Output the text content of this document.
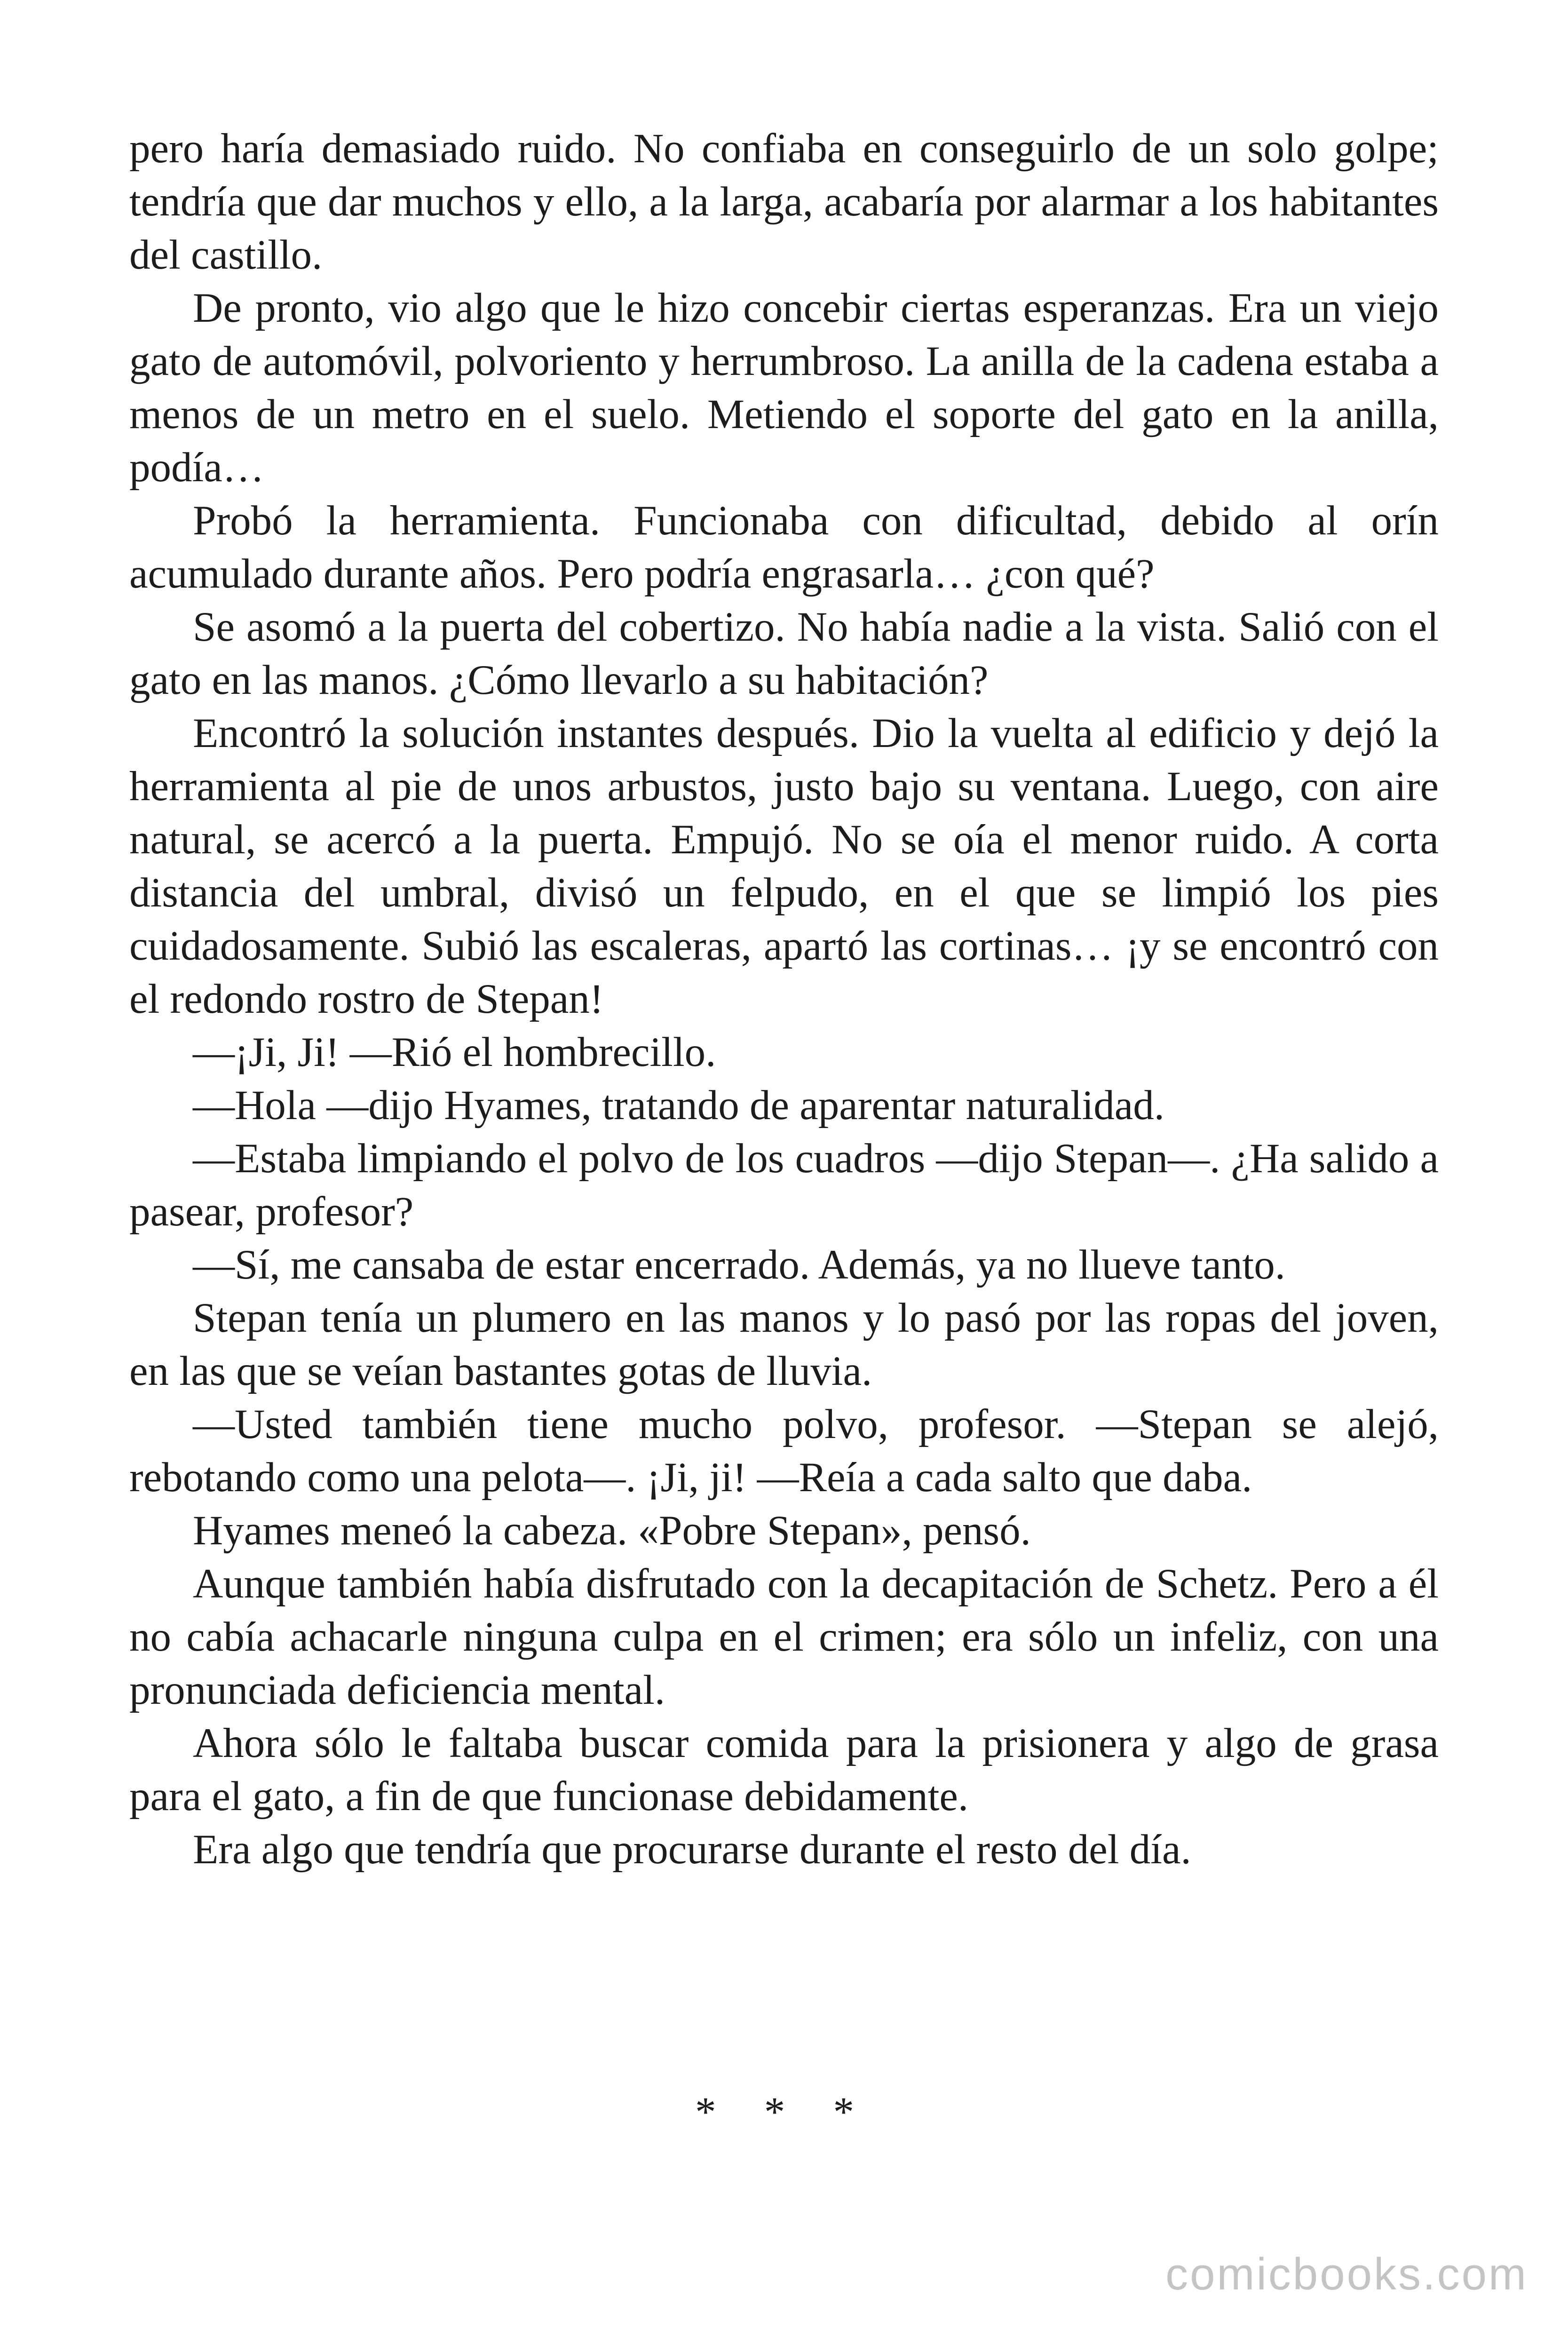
pero haría demasiado ruido. No confiaba en conseguirlo de un solo golpe; tendría que dar muchos y ello, a la larga, acabaría por alarmar a los habitantes del castillo.

De pronto, vio algo que le hizo concebir ciertas esperanzas. Era un viejo gato de automóvil, polvoriento y herrumbroso. La anilla de la cadena estaba a menos de un metro en el suelo. Metiendo el soporte del gato en la anilla, podía…

Probó la herramienta. Funcionaba con dificultad, debido al orín acumulado durante años. Pero podría engrasarla… ¿con qué?

Se asomó a la puerta del cobertizo. No había nadie a la vista. Salió con el gato en las manos. ¿Cómo llevarlo a su habitación?

Encontró la solución instantes después. Dio la vuelta al edificio y dejó la herramienta al pie de unos arbustos, justo bajo su ventana. Luego, con aire natural, se acercó a la puerta. Empujó. No se oía el menor ruido. A corta distancia del umbral, divisó un felpudo, en el que se limpió los pies cuidadosamente. Subió las escaleras, apartó las cortinas… ¡y se encontró con el redondo rostro de Stepan!

—¡Ji, Ji! —Rió el hombrecillo.

—Hola —dijo Hyames, tratando de aparentar naturalidad.

—Estaba limpiando el polvo de los cuadros —dijo Stepan—. ¿Ha salido a pasear, profesor?

—Sí, me cansaba de estar encerrado. Además, ya no llueve tanto.

Stepan tenía un plumero en las manos y lo pasó por las ropas del joven, en las que se veían bastantes gotas de lluvia.

—Usted también tiene mucho polvo, profesor. —Stepan se alejó, rebotando como una pelota—. ¡Ji, ji! —Reía a cada salto que daba.

Hyames meneó la cabeza. «Pobre Stepan», pensó.

Aunque también había disfrutado con la decapitación de Schetz. Pero a él no cabía achacarle ninguna culpa en el crimen; era sólo un infeliz, con una pronunciada deficiencia mental.

Ahora sólo le faltaba buscar comida para la prisionera y algo de grasa para el gato, a fin de que funcionase debidamente.

Era algo que tendría que procurarse durante el resto del día.

* * *
comicbooks.com
